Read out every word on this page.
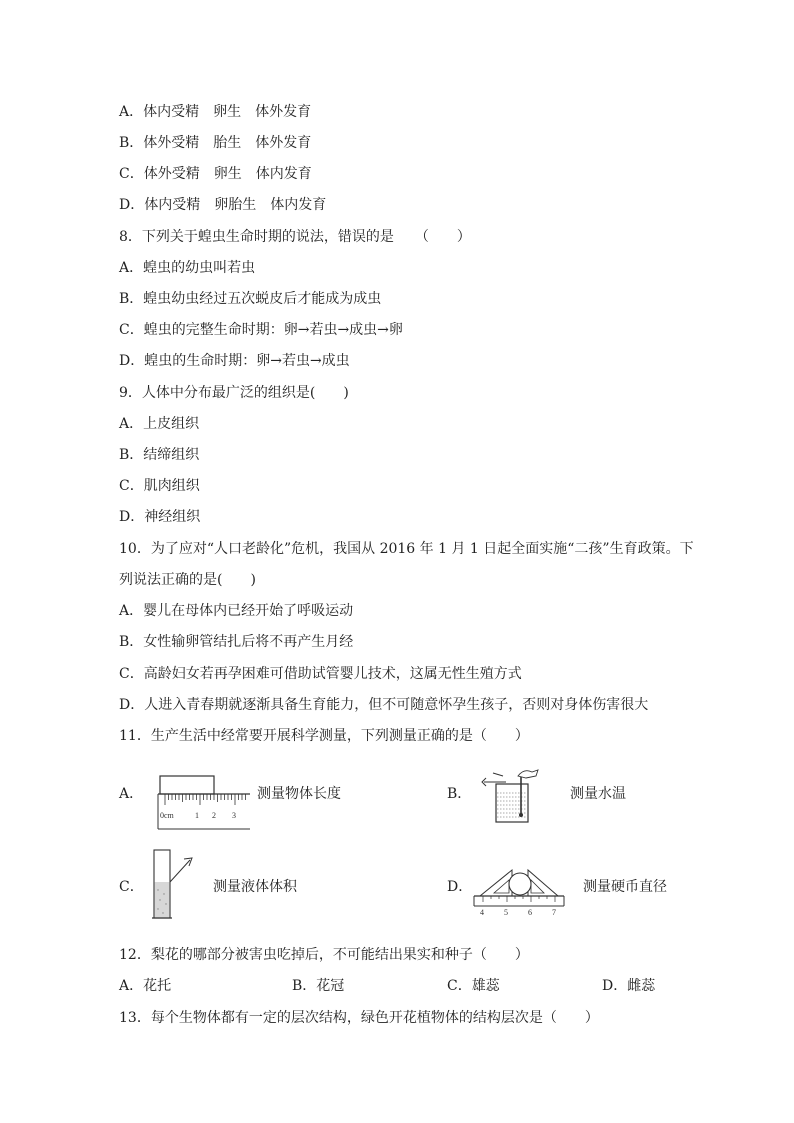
A．体内受精　卵生　体外发育
B．体外受精　胎生　体外发育
C．体外受精　卵生　体内发育
D．体内受精　卵胎生　体内发育
8．下列关于蝗虫生命时期的说法，错误的是　　（　　）
A．蝗虫的幼虫叫若虫
B．蝗虫幼虫经过五次蜕皮后才能成为成虫
C．蝗虫的完整生命时期：卵→若虫→成虫→卵
D．蝗虫的生命时期：卵→若虫→成虫
9．人体中分布最广泛的组织是(　　)
A．上皮组织
B．结缔组织
C．肌肉组织
D．神经组织
10．为了应对“人口老龄化”危机，我国从 2016 年 1 月 1 日起全面实施“二孩”生育政策。下
列说法正确的是(　　)
A．婴儿在母体内已经开始了呼吸运动
B．女性输卵管结扎后将不再产生月经
C．高龄妇女若再孕困难可借助试管婴儿技术，这属无性生殖方式
D．人进入青春期就逐渐具备生育能力，但不可随意怀孕生孩子，否则对身体伤害很大
11．生产生活中经常要开展科学测量，下列测量正确的是（　　）
A．
0cm	1 2 3
测量物体长度	B．	测量水温
C．	测量液体体积	D．
4	5	6	7
测量硬币直径
12．梨花的哪部分被害虫吃掉后，不可能结出果实和种子（　　）
A．花托	B．花冠	C．雄蕊	D．雌蕊
13．每个生物体都有一定的层次结构，绿色开花植物体的结构层次是（　　）
